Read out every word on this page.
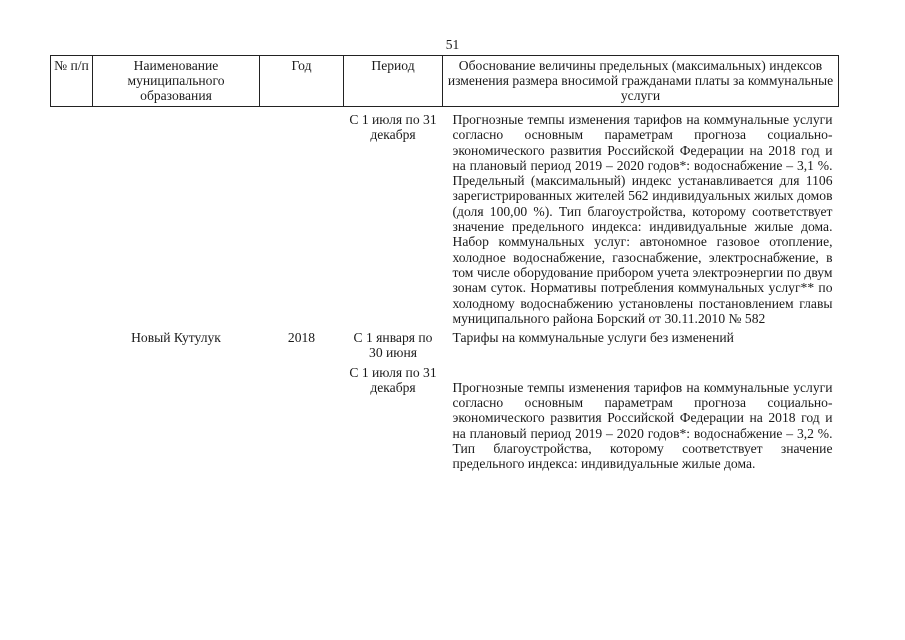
51
№ п/п	Наименование муниципального образования	Год	Период	Обоснование величины предельных (максимальных) индексов изменения размера вносимой гражданами платы за коммунальные услуги
			С 1 июля по 31 декабря	Прогнозные темпы изменения тарифов на коммунальные услуги согласно основным параметрам прогноза социально-экономического развития Российской Федерации на 2018 год и на плановый период 2019 – 2020 годов*: водоснабжение – 3,1 %. Предельный (максимальный) индекс устанавливается для 1106 зарегистрированных жителей 562 индивидуальных жилых домов (доля 100,00 %). Тип благоустройства, которому соответствует значение предельного индекса: индивидуальные жилые дома. Набор коммунальных услуг: автономное газовое отопление, холодное водоснабжение, газоснабжение, электроснабжение, в том числе оборудование прибором учета электроэнергии по двум зонам суток. Нормативы потребления коммунальных услуг** по холодному водоснабжению установлены постановлением главы муниципального района Борский от 30.11.2010 № 582
	Новый Кутулук	2018	С 1 января по 30 июня	Тарифы на коммунальные услуги без изменений
			С 1 июля по 31 декабря	Прогнозные темпы изменения тарифов на коммунальные услуги согласно основным параметрам прогноза социально-экономического развития Российской Федерации на 2018 год и на плановый период 2019 – 2020 годов*: водоснабжение – 3,2 %. Тип благоустройства, которому соответствует значение предельного индекса: индивидуальные жилые дома.
